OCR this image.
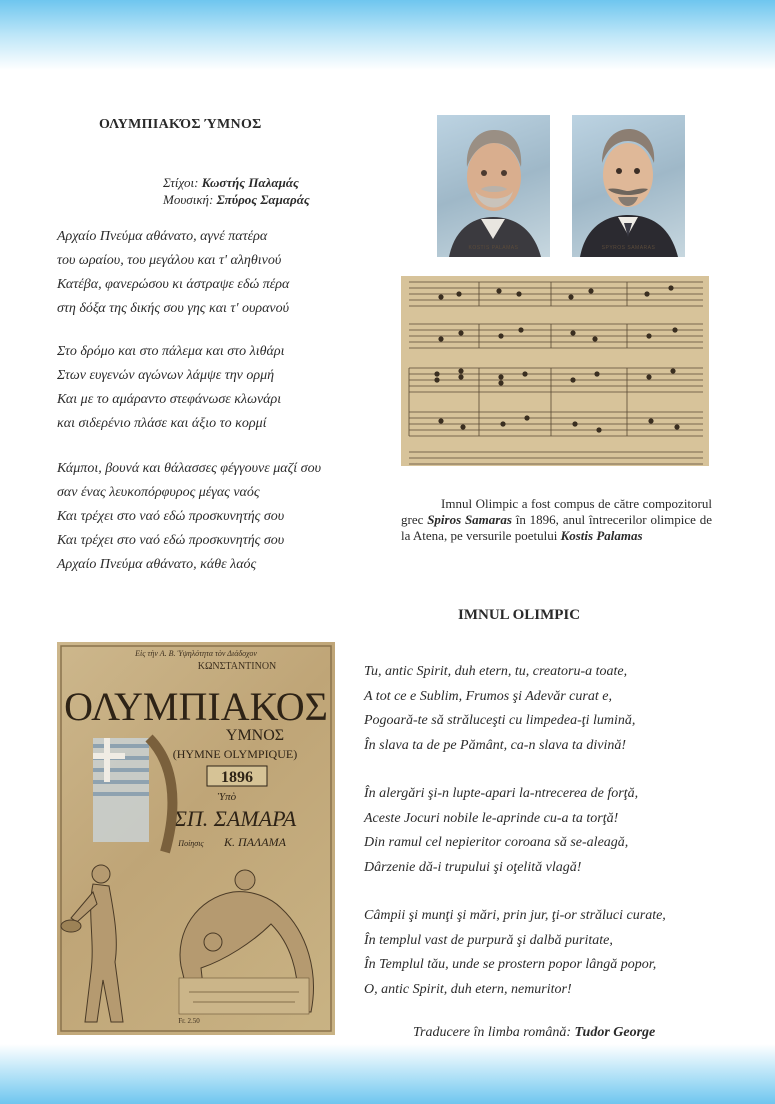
ΟΛΥΜΠΙΑΚΌΣ ΎΜΝΟΣ
Στίχοι: Κωστής Παλαμάς
Μουσική: Σπύρος Σαμαράς
Αρχαίο Πνεύμα αθάνατο, αγνέ πατέρα
του ωραίου, του μεγάλου και τ' αληθινού
Κατέβα, φανερώσου κι άστραψε εδώ πέρα
στη δόξα της δικής σου γης και τ' ουρανού
Στο δρόμο και στο πάλεμα και στο λιθάρι
Στων ευγενών αγώνων λάμψε την ορμή
Και με το αμάραντο στεφάνωσε κλωνάρι
και σιδερένιο πλάσε και άξιο το κορμί
Κάμποι, βουνά και θάλασσες φέγγουνε μαζί σου
σαν ένας λευκοπόρφυρος μέγας ναός
Και τρέχει στο ναό εδώ προσκυνητής σου
Και τρέχει στο ναό εδώ προσκυνητής σου
Αρχαίο Πνεύμα αθάνατο, κάθε λαός
KOSTIS PALAMAS	SPYROS SAMARAS
Imnul Olimpic a fost compus de către compozitorul grec Spiros Samaras în 1896, anul întrecerilor olimpice de la Atena, pe versurile poetului Kostis Palamas
IMNUL OLIMPIC
Εἰς τὴν Α. Β. Ὑψηλότητα τὸν Διάδοχον
ΚΩΝΣΤΑΝΤΙΝΟΝ
ΟΛΥΜΠΙΑΚΟΣ
ΥΜΝΟΣ
(HYMNE OLYMPIQUE)
1896
Ὑπὸ
ΣΠ. ΣΑΜΑΡΑ
Ποίησις Κ. ΠΑΛΑΜΑ
Fr. 2.50
Tu, antic Spirit, duh etern, tu, creatoru-a toate,
A tot ce e Sublim, Frumos şi Adevăr curat e,
Pogoară-te să străluceşti cu limpedea-ţi lumină,
În slava ta de pe Pământ, ca-n slava ta divină!
În alergări şi-n lupte-apari la-ntrecerea de forţă,
Aceste Jocuri nobile le-aprinde cu-a ta torţă!
Din ramul cel nepieritor coroana să se-aleagă,
Dârzenie dă-i trupului şi oţelită vlagă!
Câmpii şi munţi şi mări, prin jur, ţi-or străluci curate,
În templul vast de purpură şi dalbă puritate,
În Templul tău, unde se prostern popor lângă popor,
O, antic Spirit, duh etern, nemuritor!
Traducere în limba română: Tudor George
